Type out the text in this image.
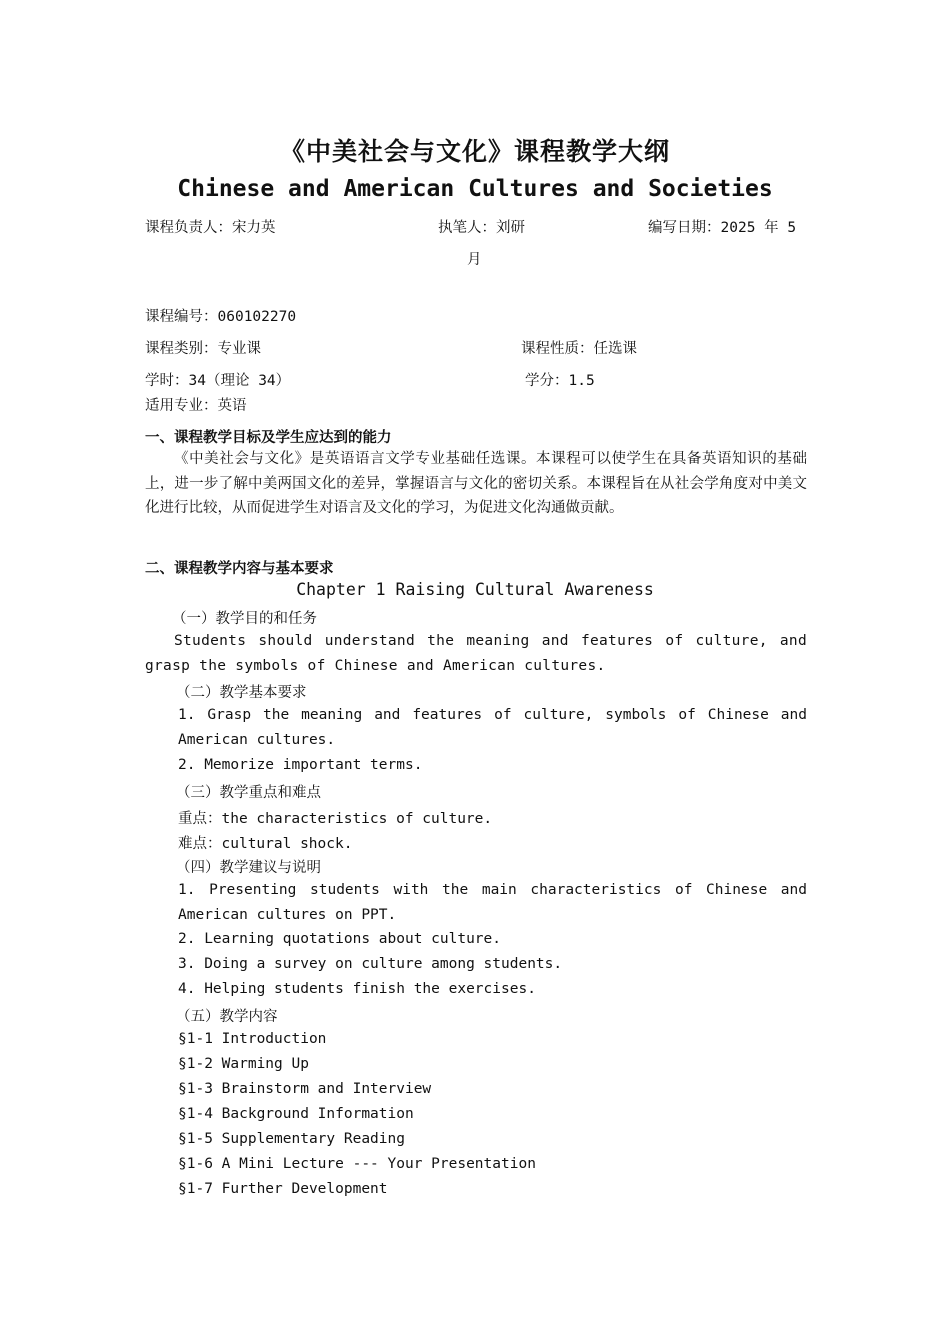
《中美社会与文化》课程教学大纲
Chinese and American Cultures and Societies
课程负责人：宋力英	执笔人：刘研	编写日期：2025 年 5
月
课程编号：060102270
课程类别：专业课	课程性质：任选课
学时：34（理论 34）	学分：1.5
适用专业：英语
一、课程教学目标及学生应达到的能力
《中美社会与文化》是英语语言文学专业基础任选课。本课程可以使学生在具备英语知识的基础上，进一步了解中美两国文化的差异，掌握语言与文化的密切关系。本课程旨在从社会学角度对中美文化进行比较，从而促进学生对语言及文化的学习，为促进文化沟通做贡献。
二、课程教学内容与基本要求
Chapter 1 Raising Cultural Awareness
（一）教学目的和任务
Students should understand the meaning and features of culture, and grasp the symbols of Chinese and American cultures.
（二）教学基本要求
1. Grasp the meaning and features of culture, symbols of Chinese and American cultures.
2. Memorize important terms.
（三）教学重点和难点
重点：the characteristics of culture.
难点：cultural shock.
（四）教学建议与说明
1. Presenting students with the main characteristics of Chinese and American cultures on PPT.
2. Learning quotations about culture.
3. Doing a survey on culture among students.
4. Helping students finish the exercises.
（五）教学内容
§1-1 Introduction
§1-2 Warming Up
§1-3 Brainstorm and Interview
§1-4 Background Information
§1-5 Supplementary Reading
§1-6 A Mini Lecture --- Your Presentation
§1-7 Further Development
